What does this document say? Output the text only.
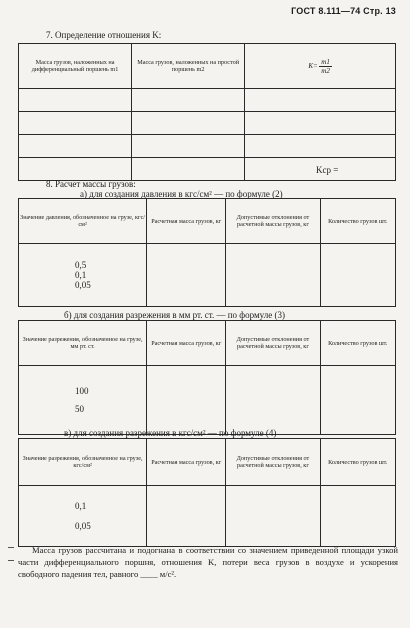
ГОСТ 8.111—74 Стр. 13
7. Определение отношения K:
Масса грузов, наложенных на дифференциальный поршень m1	Масса грузов, наложенных на простой поршень m2	$K= \frac{m1}{m2}$

Kср =
8. Расчет массы грузов:
а) для создания давления в кгс/см² — по формуле (2)
Значение давления, обозначенное на грузе, кгс/см²	Расчетная масса грузов, кг	Допустимые отклонения от расчетной массы грузов, кг	Количество грузов шт.

0,5
0,1
0,05			

б) для создания разрежения в мм рт. ст. — по формуле (3)
Значение разрежения, обозначенное на грузе, мм рт. ст.	Расчетная масса грузов, кг	Допустимые отклонения от расчетной массы грузов, кг	Количество грузов шт.

100
50			

в) для создания разрежения в кгс/см² — по формуле (4)
Значение разрежения, обозначенное на грузе, кгс/см²	Расчетная масса грузов, кг	Допустимые отклонения от расчетной массы грузов, кг	Количество грузов шт.

0,1
0,05			

Масса грузов рассчитана и подогнана в соответствии со значением приведенной площади узкой части дифференциального поршня, отношения K, потери веса грузов в воздухе и ускорения свободного падения тел, равного ____ м/с².
